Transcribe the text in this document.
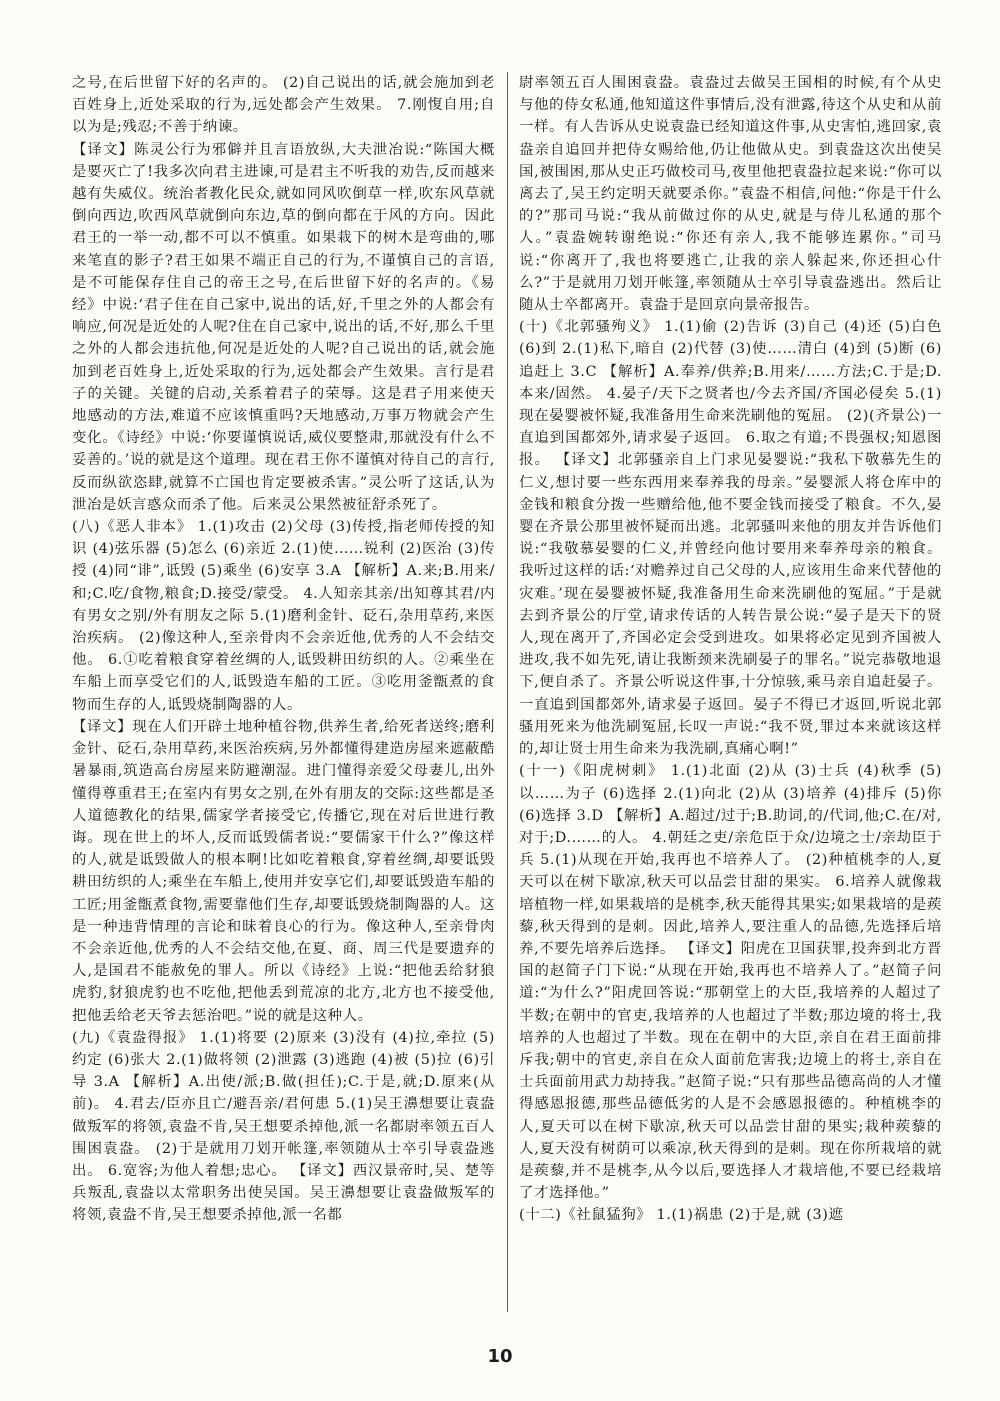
之号,在后世留下好的名声的。 (2)自己说出的话,就会施加到老百姓身上,近处采取的行为,远处都会产生效果。 7.刚愎自用;自以为是;残忍;不善于纳谏。

【译文】陈灵公行为邪僻并且言语放纵,大夫泄冶说:“陈国大概是要灭亡了!我多次向君主进谏,可是君主不听我的劝告,反而越来越有失威仪。统治者教化民众,就如同风吹倒草一样,吹东风草就倒向西边,吹西风草就倒向东边,草的倒向都在于风的方向。因此君王的一举一动,都不可以不慎重。如果栽下的树木是弯曲的,哪来笔直的影子?君王如果不端正自己的行为,不谨慎自己的言语,是不可能保存住自己的帝王之号,在后世留下好的名声的。《易经》中说:‘君子住在自己家中,说出的话,好,千里之外的人都会有响应,何况是近处的人呢?住在自己家中,说出的话,不好,那么千里之外的人都会违抗他,何况是近处的人呢?自己说出的话,就会施加到老百姓身上,近处采取的行为,远处都会产生效果。言行是君子的关键。关键的启动,关系着君子的荣辱。这是君子用来使天地感动的方法,难道不应该慎重吗?天地感动,万事万物就会产生变化。《诗经》中说:‘你要谨慎说话,威仪要整肃,那就没有什么不妥善的。’说的就是这个道理。现在君王你不谨慎对待自己的言行,反而纵欲恣肆,就算不亡国也肯定要被杀害。”灵公听了这话,认为泄冶是妖言惑众而杀了他。后来灵公果然被征舒杀死了。

(八)《恶人非本》 1.(1)攻击 (2)父母 (3)传授,指老师传授的知识 (4)弦乐器 (5)怎么 (6)亲近 2.(1)使……锐利 (2)医治 (3)传授 (4)同“诽”,诋毁 (5)乘坐 (6)安享 3.A 【解析】A.来;B.用来/和;C.吃/食物,粮食;D.接受/蒙受。 4.人知亲其亲/出知尊其君/内有男女之别/外有朋友之际 5.(1)磨利金针、砭石,杂用草药,来医治疾病。 (2)像这种人,至亲骨肉不会亲近他,优秀的人不会结交他。 6.①吃着粮食穿着丝绸的人,诋毁耕田纺织的人。②乘坐在车船上而享受它们的人,诋毁造车船的工匠。③吃用釜甑煮的食物而生存的人,诋毁烧制陶器的人。

【译文】现在人们开辟土地种植谷物,供养生者,给死者送终;磨利金针、砭石,杂用草药,来医治疾病,另外都懂得建造房屋来遮蔽酷暑暴雨,筑造高台房屋来防避潮湿。进门懂得亲爱父母妻儿,出外懂得尊重君王;在室内有男女之别,在外有朋友的交际:这些都是圣人道德教化的结果,儒家学者接受它,传播它,现在对后世进行教诲。现在世上的坏人,反而诋毁儒者说:“要儒家干什么?”像这样的人,就是诋毁做人的根本啊!比如吃着粮食,穿着丝绸,却要诋毁耕田纺织的人;乘坐在车船上,使用并安享它们,却要诋毁造车船的工匠;用釜甑煮食物,需要靠他们生存,却要诋毁烧制陶器的人。这是一种违背情理的言论和昧着良心的行为。像这种人,至亲骨肉不会亲近他,优秀的人不会结交他,在夏、商、周三代是要遗弃的人,是国君不能赦免的罪人。所以《诗经》上说:“把他丢给豺狼虎豹,豺狼虎豹也不吃他,把他丢到荒凉的北方,北方也不接受他,把他丢给老天爷去惩治吧。”说的就是这种人。

(九)《袁盎得报》 1.(1)将要 (2)原来 (3)没有 (4)拉,牵拉 (5)约定 (6)张大 2.(1)做将领 (2)泄露 (3)逃跑 (4)被 (5)拉 (6)引导 3.A 【解析】A.出使/派;B.做(担任);C.于是,就;D.原来(从前)。 4.君去/臣亦且亡/避吾亲/君何患 5.(1)吴王濞想要让袁盎做叛军的将领,袁盎不肯,吴王想要杀掉他,派一名都尉率领五百人围困袁盎。 (2)于是就用刀划开帐篷,率领随从士卒引导袁盎逃出。 6.宽容;为他人着想;忠心。 【译文】西汉景帝时,吴、楚等兵叛乱,袁盎以太常职务出使吴国。吴王濞想要让袁盎做叛军的将领,袁盎不肯,吴王想要杀掉他,派一名都

尉率领五百人围困袁盎。袁盎过去做吴王国相的时候,有个从史与他的侍女私通,他知道这件事情后,没有泄露,待这个从史和从前一样。有人告诉从史说袁盎已经知道这件事,从史害怕,逃回家,袁盎亲自追回并把侍女赐给他,仍让他做从史。到袁盎这次出使吴国,被围困,那从史正巧做校司马,夜里他把袁盎拉起来说:“你可以离去了,吴王约定明天就要杀你。”袁盎不相信,问他:“你是干什么的?”那司马说:“我从前做过你的从史,就是与侍儿私通的那个人。”袁盎婉转谢绝说:“你还有亲人,我不能够连累你。”司马说:“你离开了,我也将要逃亡,让我的亲人躲起来,你还担心什么?”于是就用刀划开帐篷,率领随从士卒引导袁盎逃出。然后让随从士卒都离开。袁盎于是回京向景帝报告。

(十)《北郭骚殉义》 1.(1)偷 (2)告诉 (3)自己 (4)还 (5)白色 (6)到 2.(1)私下,暗自 (2)代替 (3)使……清白 (4)到 (5)断 (6)追赶上 3.C 【解析】A.奉养/供养;B.用来/……方法;C.于是;D.本来/固然。 4.晏子/天下之贤者也/今去齐国/齐国必侵矣 5.(1)现在晏婴被怀疑,我准备用生命来洗刷他的冤屈。 (2)(齐景公)一直追到国都郊外,请求晏子返回。 6.取之有道;不畏强权;知恩图报。 【译文】北郭骚亲自上门求见晏婴说:“我私下敬慕先生的仁义,想讨要一些东西用来奉养我的母亲。”晏婴派人将仓库中的金钱和粮食分拨一些赠给他,他不要金钱而接受了粮食。不久,晏婴在齐景公那里被怀疑而出逃。北郭骚叫来他的朋友并告诉他们说:“我敬慕晏婴的仁义,并曾经向他讨要用来奉养母亲的粮食。我听过这样的话:‘对赡养过自己父母的人,应该用生命来代替他的灾难。’现在晏婴被怀疑,我准备用生命来洗刷他的冤屈。”于是就去到齐景公的厅堂,请求传话的人转告景公说:“晏子是天下的贤人,现在离开了,齐国必定会受到进攻。如果将必定见到齐国被人进攻,我不如先死,请让我断颈来洗刷晏子的罪名。”说完恭敬地退下,便自杀了。齐景公听说这件事,十分惊骇,乘马亲自追赶晏子。一直追到国都郊外,请求晏子返回。晏子不得已才返回,听说北郭骚用死来为他洗刷冤屈,长叹一声说:“我不贤,罪过本来就该这样的,却让贤士用生命来为我洗刷,真痛心啊!”

(十一)《阳虎树刺》 1.(1)北面 (2)从 (3)士兵 (4)秋季 (5)以……为子 (6)选择 2.(1)向北 (2)从 (3)培养 (4)排斥 (5)你 (6)选择 3.D 【解析】A.超过/过于;B.助词,的/代词,他;C.在/对,对于;D.……的人。 4.朝廷之吏/亲危臣于众/边境之士/亲劫臣于兵 5.(1)从现在开始,我再也不培养人了。 (2)种植桃李的人,夏天可以在树下歇凉,秋天可以品尝甘甜的果实。 6.培养人就像栽培植物一样,如果栽培的是桃李,秋天能得其果实;如果栽培的是蒺藜,秋天得到的是刺。因此,培养人,要注重人的品德,先选择后培养,不要先培养后选择。 【译文】阳虎在卫国获罪,投奔到北方晋国的赵简子门下说:“从现在开始,我再也不培养人了。”赵简子问道:“为什么?”阳虎回答说:“那朝堂上的大臣,我培养的人超过了半数;在朝中的官吏,我培养的人也超过了半数;那边境的将士,我培养的人也超过了半数。现在在朝中的大臣,亲自在君王面前排斥我;朝中的官吏,亲自在众人面前危害我;边境上的将士,亲自在士兵面前用武力劫持我。”赵简子说:“只有那些品德高尚的人才懂得感恩报德,那些品德低劣的人是不会感恩报德的。种植桃李的人,夏天可以在树下歇凉,秋天可以品尝甘甜的果实;栽种蒺藜的人,夏天没有树荫可以乘凉,秋天得到的是刺。现在你所栽培的就是蒺藜,并不是桃李,从今以后,要选择人才栽培他,不要已经栽培了才选择他。”

(十二)《社鼠猛狗》 1.(1)祸患 (2)于是,就 (3)遮

10
